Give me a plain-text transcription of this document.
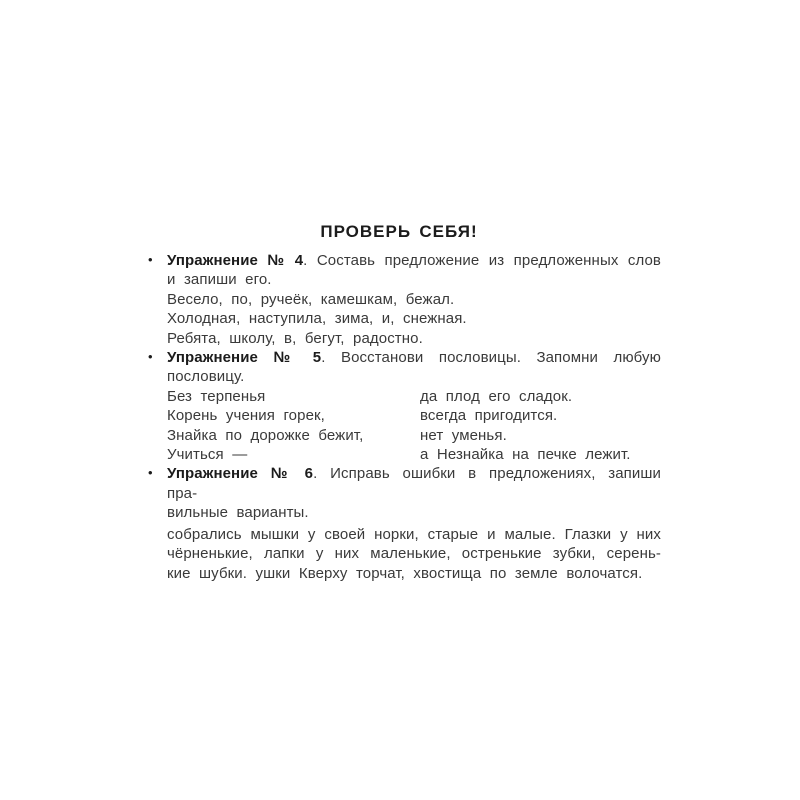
ПРОВЕРЬ СЕБЯ!
• Упражнение № 4. Составь предложение из предложенных слов
и запиши его.
Весело, по, ручеёк, камешкам, бежал.
Холодная, наступила, зима, и, снежная.
Ребята, школу, в, бегут, радостно.
• Упражнение № 5. Восстанови пословицы. Запомни любую пословицу.
Без терпенья	да плод его сладок.
Корень учения горек,	всегда пригодится.
Знайка по дорожке бежит,	нет уменья.
Учиться —	а Незнайка на печке лежит.
• Упражнение № 6. Исправь ошибки в предложениях, запиши пра-
вильные варианты.
собрались мышки у своей норки, старые и малые. Глазки у них
чёрненькие, лапки у них маленькие, остренькие зубки, серень-
кие шубки. ушки Кверху торчат, хвостища по земле волочатся.
